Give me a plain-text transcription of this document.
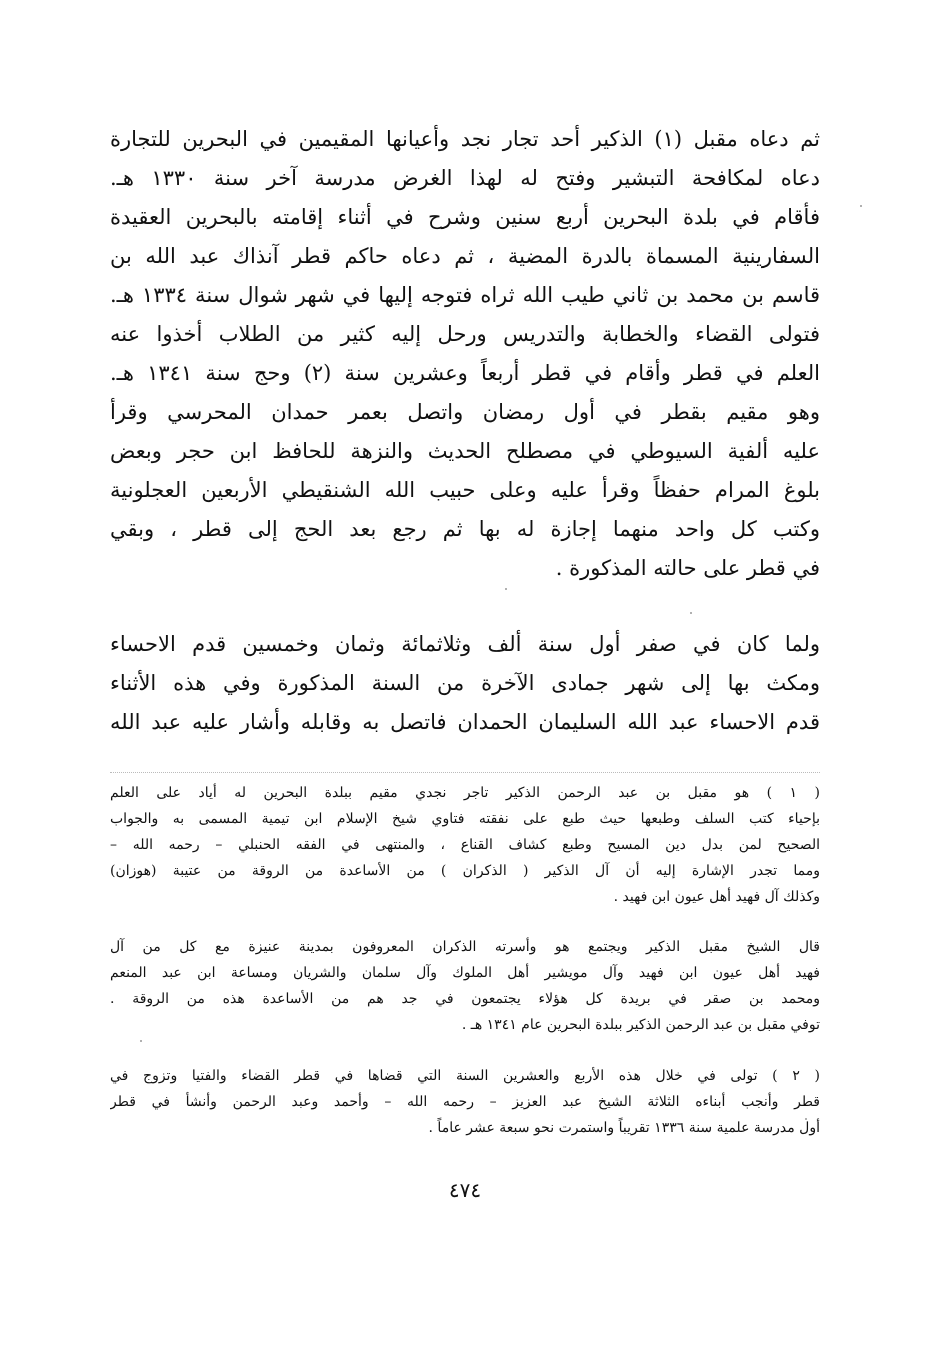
ثم دعاه مقبل (١) الذكير أحد تجار نجد وأعيانها المقيمين في البحرين للتجارة
دعاه لمكافحة التبشير وفتح له لهذا الغرض مدرسة آخر سنة ١٣٣٠ هـ.
فأقام في بلدة البحرين أربع سنين وشرح في أثناء إقامته بالبحرين العقيدة
السفارينية المسماة بالدرة المضية ، ثم دعاه حاكم قطر آنذاك عبد الله بن
قاسم بن محمد بن ثاني طيب الله ثراه فتوجه إليها في شهر شوال سنة ١٣٣٤ هـ.
فتولى القضاء والخطابة والتدريس ورحل إليه كثير من الطلاب أخذوا عنه
العلم في قطر وأقام في قطر أربعاً وعشرين سنة (٢) وحج سنة ١٣٤١ هـ.
وهو مقيم بقطر في أول رمضان واتصل بعمر حمدان المحرسي وقرأ
عليه ألفية السيوطي في مصطلح الحديث والنزهة للحافظ ابن حجر وبعض
بلوغ المرام حفظاً وقرأ عليه وعلى حبيب الله الشنقيطي الأربعين العجلونية
وكتب كل واحد منهما إجازة له بها ثم رجع بعد الحج إلى قطر ، وبقي
في قطر على حالته المذكورة .
ولما كان في صفر أول سنة ألف وثلاثمائة وثمان وخمسين قدم الاحساء
ومكث بها إلى شهر جمادى الآخرة من السنة المذكورة وفي هذه الأثناء
قدم الاحساء عبد الله السليمان الحمدان فاتصل به وقابله وأشار عليه عبد الله
( ١ ) هو مقبل بن عبد الرحمن الذكير تاجر نجدي مقيم ببلدة البحرين له أياد على العلم
بإحياء كتب السلف وطبعها حيث طبع على نفقته فتاوي شيخ الإسلام ابن تيمية المسمى به والجواب
الصحيح لمن بدل دين المسيح وطبع كشاف القناع ، والمنتهى في الفقه الحنبلي – رحمه الله –
ومما تجدر الإشارة إليه أن آل الذكير ( الذكران ) من الأساعدة من الروقة من عتيبة (هوزان)
وكذلك آل فهيد أهل عيون ابن فهيد .
قال الشيخ مقبل الذكير ويجتمع هو وأسرته الذكران المعروفون بمدينة عنيزة مع كل من آل
فهيد أهل عيون ابن فهيد وآل مويشير أهل الملوك وآل سلمان والشريان ومساعة ابن عبد المنعم
ومحمد بن صقر في بريدة كل هؤلاء يجتمعون في جد هم من الأساعدة هذه من الروقة .
توفي مقبل بن عبد الرحمن الذكير ببلدة البحرين عام ١٣٤١ هـ .
( ٢ ) تولى في خلال هذه الأربع والعشرين السنة التي قضاها في قطر القضاء والفتيا وتزوج في
قطر وأنجب أبناءه الثلاثة الشيخ عبد العزيز – رحمه الله – وأحمد وعبد الرحمن وأنشأ في قطر
أول مدرسة علمية سنة ١٣٣٦ تقريباً واستمرت نحو سبعة عشر عاماً .
٤٧٤
